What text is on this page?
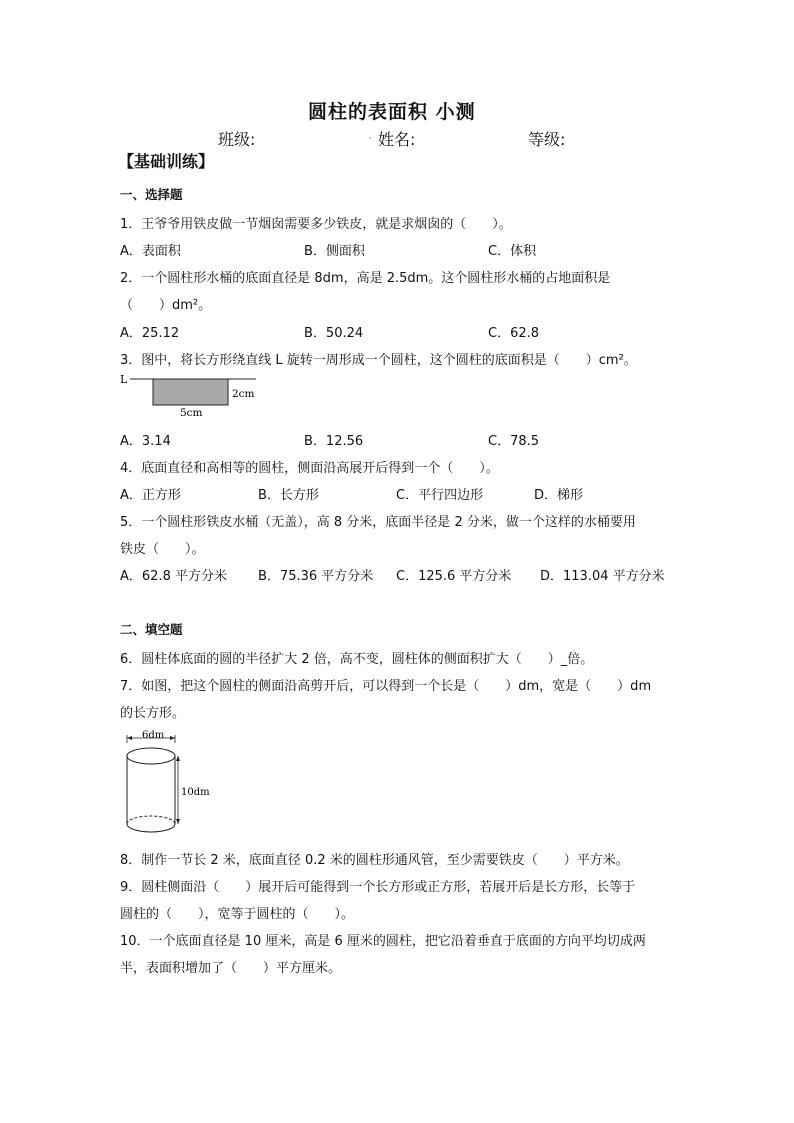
圆柱的表面积 小测
班级:	. 姓名:	等级:
【基础训练】
一、选择题
1．王爷爷用铁皮做一节烟囱需要多少铁皮，就是求烟囱的（　　）。
A．表面积	B．侧面积	C．体积
2．一个圆柱形水桶的底面直径是 8dm，高是 2.5dm。这个圆柱形水桶的占地面积是
（　　）dm²。
A．25.12	B．50.24	C．62.8
3．图中，将长方形绕直线 L 旋转一周形成一个圆柱，这个圆柱的底面积是（　　）cm²。
L
2cm
5cm
A．3.14	B．12.56	C．78.5
4．底面直径和高相等的圆柱，侧面沿高展开后得到一个（　　）。
A．正方形	B．长方形	C．平行四边形	D．梯形
5．一个圆柱形铁皮水桶（无盖），高 8 分米，底面半径是 2 分米，做一个这样的水桶要用
铁皮（　　）。
A．62.8 平方分米 B．75.36 平方分米 C．125.6 平方分米 D．113.04 平方分米
二、填空题
6．圆柱体底面的圆的半径扩大 2 倍，高不变，圆柱体的侧面积扩大（　　）_倍。
7．如图，把这个圆柱的侧面沿高剪开后，可以得到一个长是（　　）dm，宽是（　　）dm
的长方形。
6dm
10dm
8．制作一节长 2 米，底面直径 0.2 米的圆柱形通风管，至少需要铁皮（　　）平方米。
9．圆柱侧面沿（　　）展开后可能得到一个长方形或正方形，若展开后是长方形，长等于
圆柱的（　　），宽等于圆柱的（　　）。
10．一个底面直径是 10 厘米，高是 6 厘米的圆柱，把它沿着垂直于底面的方向平均切成两
半，表面积增加了（　　）平方厘米。
